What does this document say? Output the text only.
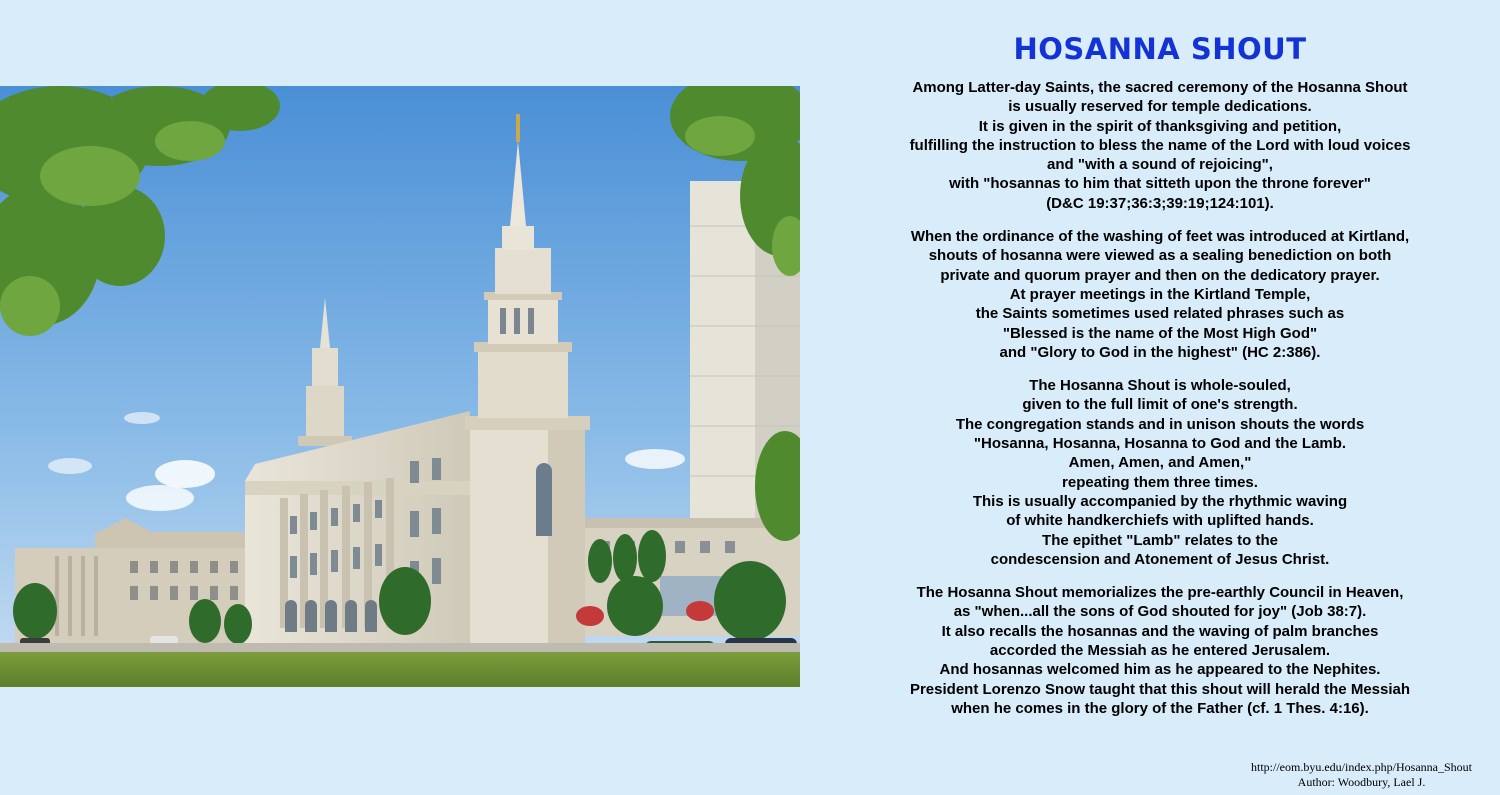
HOSANNA SHOUT

Among Latter-day Saints, the sacred ceremony of the Hosanna Shout
is usually reserved for temple dedications.
It is given in the spirit of thanksgiving and petition,
fulfilling the instruction to bless the name of the Lord with loud voices
and "with a sound of rejoicing",
with "hosannas to him that sitteth upon the throne forever"
(D&C 19:37;36:3;39:19;124:101).

When the ordinance of the washing of feet was introduced at Kirtland,
shouts of hosanna were viewed as a sealing benediction on both
private and quorum prayer and then on the dedicatory prayer.
At prayer meetings in the Kirtland Temple,
the Saints sometimes used related phrases such as
"Blessed is the name of the Most High God"
and "Glory to God in the highest" (HC 2:386).

The Hosanna Shout is whole-souled,
given to the full limit of one's strength.
The congregation stands and in unison shouts the words
"Hosanna, Hosanna, Hosanna to God and the Lamb.
Amen, Amen, and Amen,"
repeating them three times.
This is usually accompanied by the rhythmic waving
of white handkerchiefs with uplifted hands.
The epithet "Lamb" relates to the
condescension and Atonement of Jesus Christ.

The Hosanna Shout memorializes the pre-earthly Council in Heaven,
as "when...all the sons of God shouted for joy" (Job 38:7).
It also recalls the hosannas and the waving of palm branches
accorded the Messiah as he entered Jerusalem.
And hosannas welcomed him as he appeared to the Nephites.
President Lorenzo Snow taught that this shout will herald the Messiah
when he comes in the glory of the Father (cf. 1 Thes. 4:16).

http://eom.byu.edu/index.php/Hosanna_Shout
Author: Woodbury, Lael J.
